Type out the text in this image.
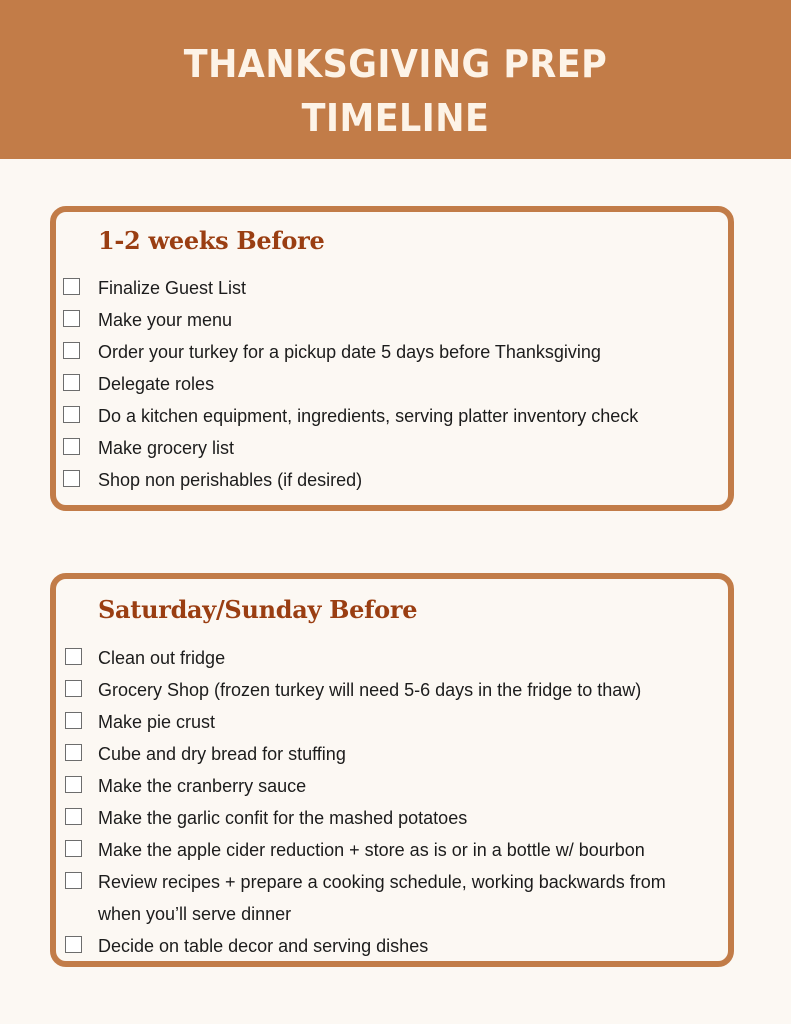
THANKSGIVING PREP
TIMELINE
1-2 weeks Before
Finalize Guest List
Make your menu
Order your turkey for a pickup date 5 days before Thanksgiving
Delegate roles
Do a kitchen equipment, ingredients, serving platter inventory check
Make grocery list
Shop non perishables (if desired)
Saturday/Sunday Before
Clean out fridge
Grocery Shop (frozen turkey will need 5-6 days in the fridge to thaw)
Make pie crust
Cube and dry bread for stuffing
Make the cranberry sauce
Make the garlic confit for the mashed potatoes
Make the apple cider reduction + store as is or in a bottle w/ bourbon
Review recipes + prepare a cooking schedule, working backwards from when you’ll serve dinner
Decide on table decor and serving dishes
